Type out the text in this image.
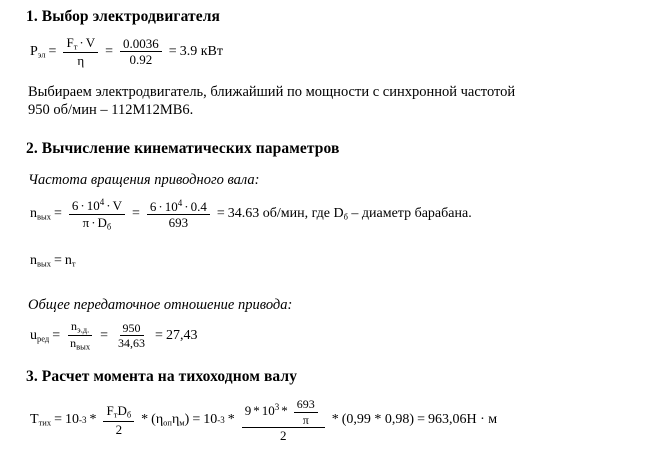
1. Выбор электродвигателя
$P_{эл} = \frac{F_т \cdot V}{\eta} = \frac{0.0036}{0.92} = 3.9$ кВт
Выбираем электродвигатель, ближайший по мощности с синхронной частотой
950 об/мин – 112М12МВ6.
2. Вычисление кинематических параметров
Частота вращения приводного вала:
$n_{вых} = \frac{6 \cdot 10^4 \cdot V}{\pi \cdot D_б} = \frac{6 \cdot 10^4 \cdot 0.4}{693} = 34.63$ об/мин , где $D_б$ – диаметр барабана.
$n_{вых} = n_т$
Общее передаточное отношение привода:
$u_{ред} = \frac{n_{э.д.}}{n_{вых}} = \frac{950}{34,63} = 27,43$
3. Расчет момента на тихоходном валу
$T_{тих} = 10$ $-3 * \frac{F_тD_б}{2} * (\eta_{оп}\eta_м) = 10$ $-3 * \frac{9 * 10^3 * \frac{693}{\pi}}{2} * (0,99 * 0,98) = 963,06$ Н · м
